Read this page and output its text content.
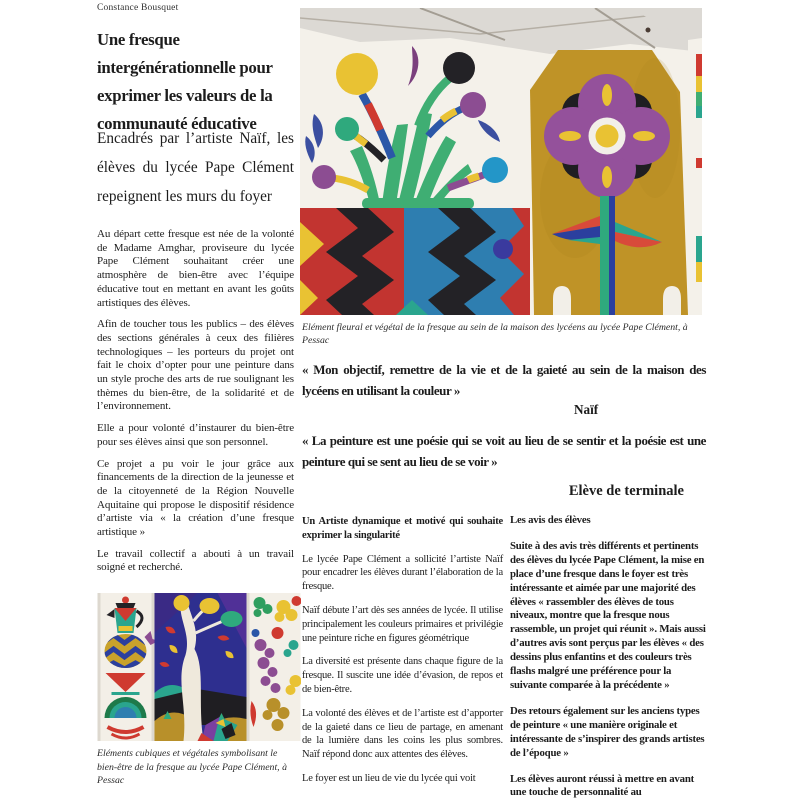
Constance Bousquet
Une fresque intergénérationnelle pour exprimer les valeurs de la communauté éducative
Encadrés par l’artiste Naïf, les élèves du lycée Pape Clément repeignent les murs du foyer

Au départ cette fresque est née de la volonté de Madame Amghar, proviseure du lycée Pape Clément souhaitant créer une atmosphère de bien-être avec l’équipe éducative tout en mettant en avant les goûts artistiques des élèves.

Afin de toucher tous les publics – des élèves des sections générales à ceux des filières technologiques – les porteurs du projet ont fait le choix d’opter pour une peinture dans un style proche des arts de rue soulignant les thèmes du bien-être, de la solidarité et de l’environnement.

Elle a pour volonté d’instaurer du bien-être pour ses élèves ainsi que son personnel.

Ce projet a pu voir le jour grâce aux financements de la direction de la jeunesse et de la citoyenneté de la Région Nouvelle Aquitaine qui propose le dispositif résidence d’artiste via « la création d’une fresque artistique »

Le travail collectif a abouti à un travail soigné et recherché.

Elément fleural et végétal de la fresque au sein de la maison des lycéens au lycée Pape Clément, à Pessac
« Mon objectif, remettre de la vie et de la gaieté au sein de la maison des lycéens en utilisant la couleur »
Naïf
« La peinture est une poésie qui se voit au lieu de se sentir et la poésie est une peinture qui se sent au lieu de se voir »
Elève de terminale

Un Artiste dynamique et motivé qui souhaite exprimer la singularité

Le lycée Pape Clément a sollicité l’artiste Naïf pour encadrer les élèves durant l’élaboration de la fresque.

Naïf débute l’art dès ses années de lycée. Il utilise principalement les couleurs primaires et privilégie une peinture riche en figures géométrique

La diversité est présente dans chaque figure de la fresque. Il suscite une idée d’évasion, de repos et de bien-être.

La volonté des élèves et de l’artiste est d’apporter de la gaieté dans ce lieu de partage, en amenant de la lumière dans les coins les plus sombres. Naïf répond donc aux attentes des élèves.

Le foyer est un lieu de vie du lycée qui voit

Les avis des élèves

Suite à des avis très différents et pertinents des élèves du lycée Pape Clément, la mise en place d’une fresque dans le foyer est très intéressante et aimée par une majorité des élèves « rassembler des élèves de tous niveaux, montre que la fresque nous rassemble, un projet qui réunit ». Mais aussi d’autres avis sont perçus par les élèves « des dessins plus enfantins et des couleurs très flashs malgré une préférence pour la suivante comparée à la précédente »

Des retours également sur les anciens types de peinture « une manière originale et intéressante de s’inspirer des grands artistes de l’époque »

Les élèves auront réussi à mettre en avant une touche de personnalité au

Eléments cubiques et végétales symbolisant le bien-être de la fresque au lycée Pape Clément, à Pessac
